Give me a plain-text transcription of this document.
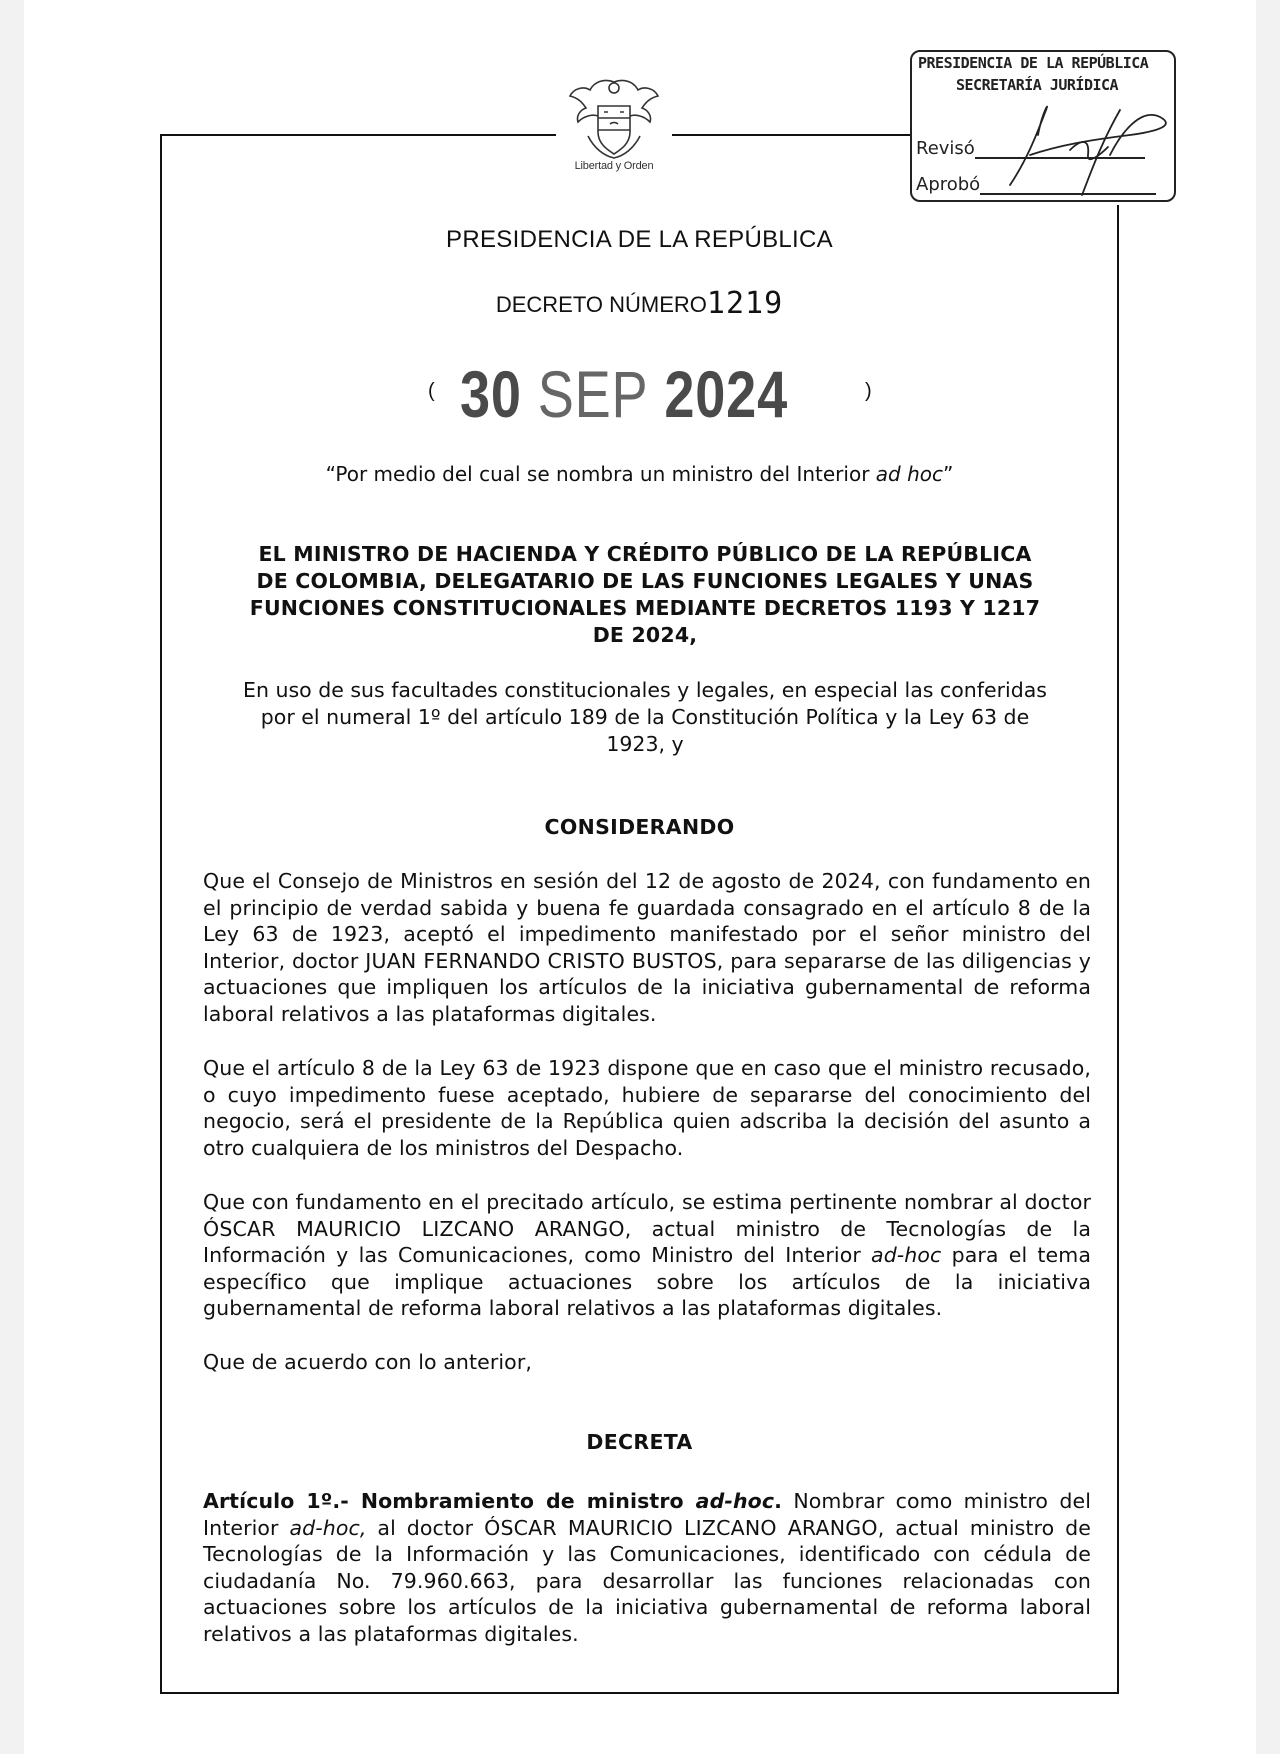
Libertad y Orden
PRESIDENCIA DE LA REPÚBLICA
SECRETARÍA JURÍDICA
Revisó
Aprobó
PRESIDENCIA DE LA REPÚBLICA
DECRETO NÚMERO1219
( 30 SEP 2024	)
“Por medio del cual se nombra un ministro del Interior ad hoc”
EL MINISTRO DE HACIENDA Y CRÉDITO PÚBLICO DE LA REPÚBLICA
DE COLOMBIA, DELEGATARIO DE LAS FUNCIONES LEGALES Y UNAS
FUNCIONES CONSTITUCIONALES MEDIANTE DECRETOS 1193 Y 1217
DE 2024,
En uso de sus facultades constitucionales y legales, en especial las conferidas
por el numeral 1º del artículo 189 de la Constitución Política y la Ley 63 de
1923, y
CONSIDERANDO
Que el Consejo de Ministros en sesión del 12 de agosto de 2024, con fundamento en el principio de verdad sabida y buena fe guardada consagrado en el artículo 8 de la Ley 63 de 1923, aceptó el impedimento manifestado por el señor ministro del Interior, doctor JUAN FERNANDO CRISTO BUSTOS, para separarse de las diligencias y actuaciones que impliquen los artículos de la iniciativa gubernamental de reforma laboral relativos a las plataformas digitales.
Que el artículo 8 de la Ley 63 de 1923 dispone que en caso que el ministro recusado, o cuyo impedimento fuese aceptado, hubiere de separarse del conocimiento del negocio, será el presidente de la República quien adscriba la decisión del asunto a otro cualquiera de los ministros del Despacho.
Que con fundamento en el precitado artículo, se estima pertinente nombrar al doctor ÓSCAR MAURICIO LIZCANO ARANGO, actual ministro de Tecnologías de la Información y las Comunicaciones, como Ministro del Interior ad-hoc para el tema específico que implique actuaciones sobre los artículos de la iniciativa gubernamental de reforma laboral relativos a las plataformas digitales.
Que de acuerdo con lo anterior,
DECRETA
Artículo 1º.- Nombramiento de ministro ad-hoc. Nombrar como ministro del Interior ad-hoc, al doctor ÓSCAR MAURICIO LIZCANO ARANGO, actual ministro de Tecnologías de la Información y las Comunicaciones, identificado con cédula de ciudadanía No. 79.960.663, para desarrollar las funciones relacionadas con actuaciones sobre los artículos de la iniciativa gubernamental de reforma laboral relativos a las plataformas digitales.
